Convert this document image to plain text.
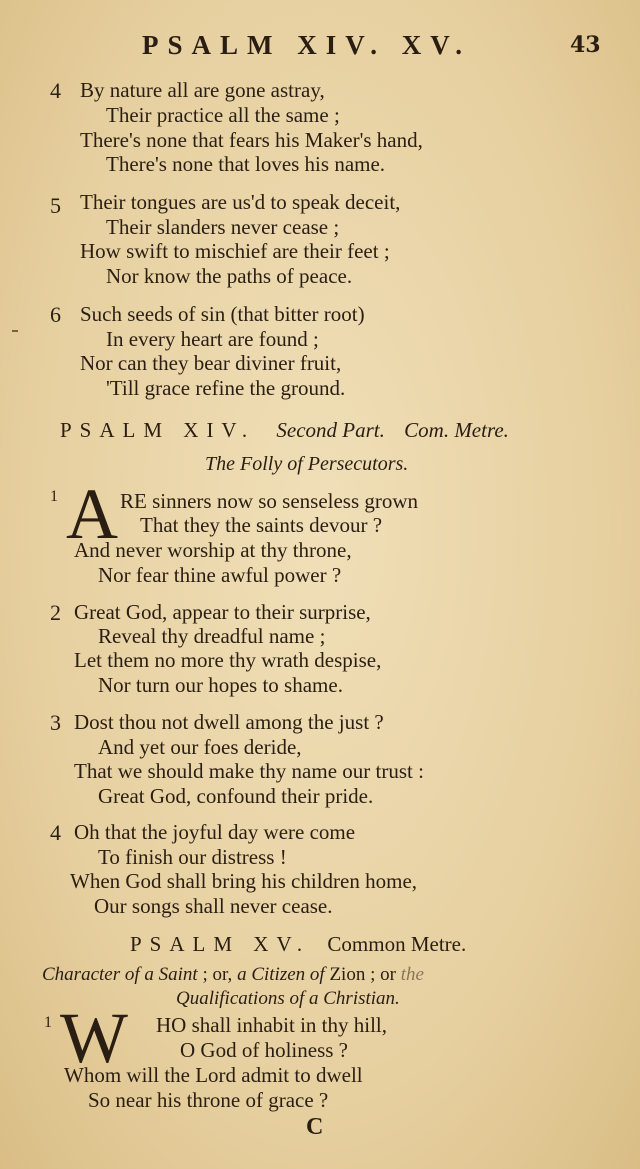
PSALM XIV. XV.	43
4 By nature all are gone astray,
Their practice all the same ;
There's none that fears his Maker's hand,
There's none that loves his name.
5 Their tongues are us'd to speak deceit,
Their slanders never cease ;
How swift to mischief are their feet ;
Nor know the paths of peace.
6 Such seeds of sin (that bitter root)
In every heart are found ;
Nor can they bear diviner fruit,
'Till grace refine the ground.
PSALM XIV. Second Part. Com. Metre.
The Folly of Persecutors.
1 A RE sinners now so senseless grown
That they the saints devour ?
And never worship at thy throne,
Nor fear thine awful power ?
2 Great God, appear to their surprise,
Reveal thy dreadful name ;
Let them no more thy wrath despise,
Nor turn our hopes to shame.
3 Dost thou not dwell among the just ?
And yet our foes deride,
That we should make thy name our trust :
Great God, confound their pride.
4 Oh that the joyful day were come
To finish our distress !
When God shall bring his children home,
Our songs shall never cease.
PSALM XV. Common Metre.
Character of a Saint ; or, a Citizen of Zion ; or the
Qualifications of a Christian.
1 W HO shall inhabit in thy hill,
O God of holiness ?
Whom will the Lord admit to dwell
So near his throne of grace ?
C
